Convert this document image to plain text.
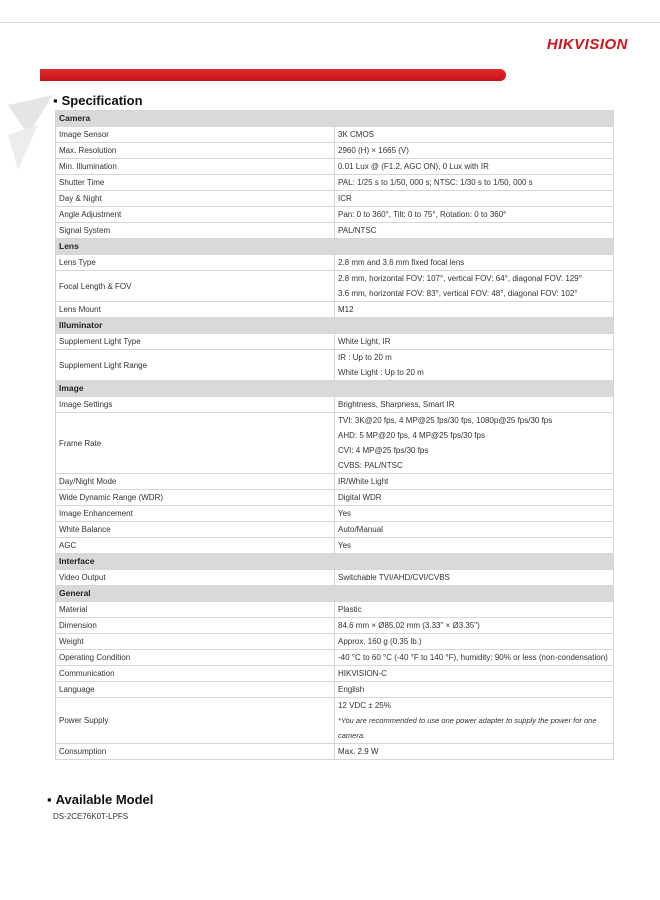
HIKVISION
▪ Specification
Camera	
Image Sensor	3K CMOS

Max. Resolution	2960 (H) × 1665 (V)

Min. Illumination	0.01 Lux @ (F1.2, AGC ON), 0 Lux with IR

Shutter Time	PAL: 1/25 s to 1/50, 000 s; NTSC: 1/30 s to 1/50, 000 s

Day & Night	ICR

Angle Adjustment	Pan: 0 to 360°, Tilt: 0 to 75°, Rotation: 0 to 360°

Signal System	PAL/NTSC

Lens	
Lens Type	2.8 mm and 3.6 mm fixed focal lens

Focal Length & FOV	2.8 mm, horizontal FOV: 107°, vertical FOV: 64°, diagonal FOV: 129°
3.6 mm, horizontal FOV: 83°, vertical FOV: 48°, diagonal FOV: 102°

Lens Mount	M12

Illuminator	
Supplement Light Type	White Light, IR

Supplement Light Range	IR : Up to 20 m
White Light : Up to 20 m

Image	
Image Settings	Brightness, Sharpness, Smart IR

Frame Rate	TVI: 3K@20 fps, 4 MP@25 fps/30 fps, 1080p@25 fps/30 fps
AHD: 5 MP@20 fps, 4 MP@25 fps/30 fps
CVI: 4 MP@25 fps/30 fps
CVBS: PAL/NTSC

Day/Night Mode	IR/White Light

Wide Dynamic Range (WDR)	Digital WDR

Image Enhancement	Yes

White Balance	Auto/Manual

AGC	Yes

Interface	
Video Output	Switchable TVI/AHD/CVI/CVBS

General	
Material	Plastic

Dimension	84.6 mm × Ø85.02 mm (3.33" × Ø3.35")

Weight	Approx. 160 g (0.35 lb.)

Operating Condition	-40 °C to 60 °C (-40 °F to 140 °F), humidity: 90% or less (non-condensation)

Communication	HIKVISION-C

Language	English

Power Supply	12 VDC ± 25%
*You are recommended to use one power adapter to supply the power for one camera.

Consumption	Max. 2.9 W
▪ Available Model
DS-2CE76K0T-LPFS
